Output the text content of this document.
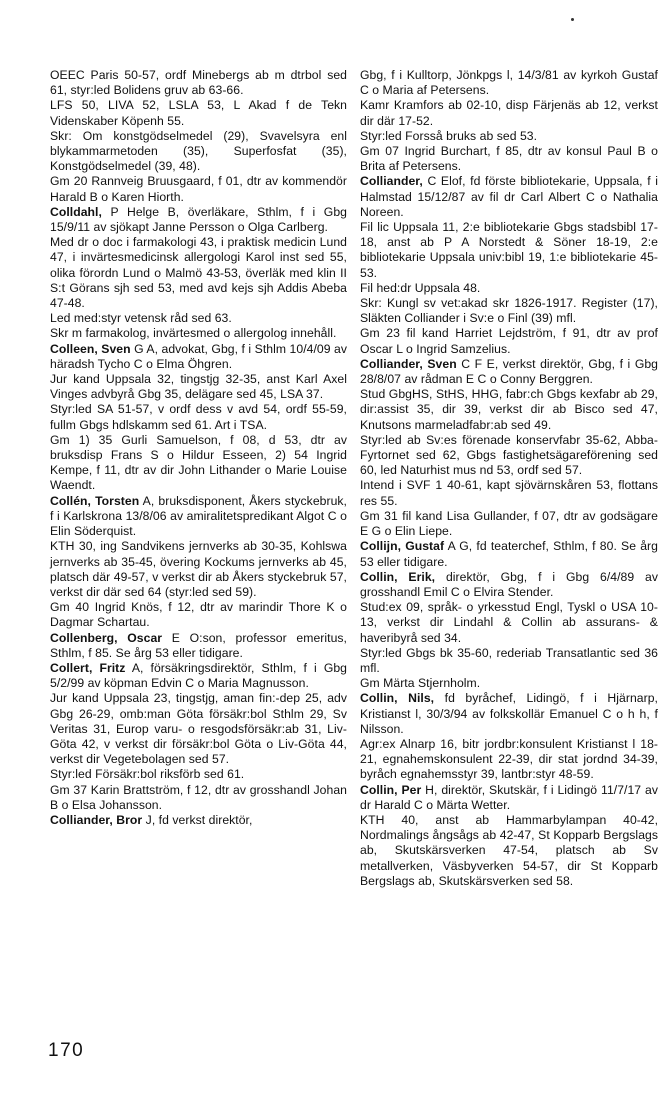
OEEC Paris 50-57, ordf Minebergs ab m dtrbol sed 61, styr:led Bolidens gruv ab 63-66.

LFS 50, LIVA 52, LSLA 53, L Akad f de Tekn Videnskaber Köpenh 55.

Skr: Om konstgödselmedel (29), Svavelsyra enl blykammarmetoden (35), Superfosfat (35), Konstgödselmedel (39, 48).

Gm 20 Rannveig Bruusgaard, f 01, dtr av kommendör Harald B o Karen Hiorth.

Colldahl, P Helge B, överläkare, Sthlm, f i Gbg 15/9/11 av sjökapt Janne Persson o Olga Carlberg.

Med dr o doc i farmakologi 43, i praktisk medicin Lund 47, i invärtesmedicinsk allergologi Karol inst sed 55, olika förordn Lund o Malmö 43-53, överläk med klin II S:t Görans sjh sed 53, med avd kejs sjh Addis Abeba 47-48.

Led med:styr vetensk råd sed 63.

Skr m farmakolog, invärtesmed o allergolog innehåll.

Colleen, Sven G A, advokat, Gbg, f i Sthlm 10/4/09 av häradsh Tycho C o Elma Öhgren.

Jur kand Uppsala 32, tingstjg 32-35, anst Karl Axel Vinges advbyrå Gbg 35, delägare sed 45, LSA 37.

Styr:led SA 51-57, v ordf dess v avd 54, ordf 55-59, fullm Gbgs hdlskamm sed 61. Art i TSA.

Gm 1) 35 Gurli Samuelson, f 08, d 53, dtr av bruksdisp Frans S o Hildur Esseen, 2) 54 Ingrid Kempe, f 11, dtr av dir John Lithander o Marie Louise Waendt.

Collén, Torsten A, bruksdisponent, Åkers styckebruk, f i Karlskrona 13/8/06 av amiralitetspredikant Algot C o Elin Söderquist.

KTH 30, ing Sandvikens jernverks ab 30-35, Kohlswa jernverks ab 35-45, övering Kockums jernverks ab 45, platsch där 49-57, v verkst dir ab Åkers styckebruk 57, verkst dir där sed 64 (styr:led sed 59).

Gm 40 Ingrid Knös, f 12, dtr av marindir Thore K o Dagmar Schartau.

Collenberg, Oscar E O:son, professor emeritus, Sthlm, f 85. Se årg 53 eller tidigare.

Collert, Fritz A, försäkringsdirektör, Sthlm, f i Gbg 5/2/99 av köpman Edvin C o Maria Magnusson.

Jur kand Uppsala 23, tingstjg, aman fin:-dep 25, adv Gbg 26-29, omb:man Göta försäkr:bol Sthlm 29, Sv Veritas 31, Europ varu- o resgodsförsäkr:ab 31, Liv-Göta 42, v verkst dir försäkr:bol Göta o Liv-Göta 44, verkst dir Vegetebolagen sed 57.

Styr:led Försäkr:bol riksförb sed 61.

Gm 37 Karin Brattström, f 12, dtr av grosshandl Johan B o Elsa Johansson.

Colliander, Bror J, fd verkst direktör,

Gbg, f i Kulltorp, Jönkpgs l, 14/3/81 av kyrkoh Gustaf C o Maria af Petersens.

Kamr Kramfors ab 02-10, disp Färjenäs ab 12, verkst dir där 17-52.

Styr:led Forsså bruks ab sed 53.

Gm 07 Ingrid Burchart, f 85, dtr av konsul Paul B o Brita af Petersens.

Colliander, C Elof, fd förste bibliotekarie, Uppsala, f i Halmstad 15/12/87 av fil dr Carl Albert C o Nathalia Noreen.

Fil lic Uppsala 11, 2:e bibliotekarie Gbgs stadsbibl 17-18, anst ab P A Norstedt & Söner 18-19, 2:e bibliotekarie Uppsala univ:bibl 19, 1:e bibliotekarie 45-53.

Fil hed:dr Uppsala 48.

Skr: Kungl sv vet:akad skr 1826-1917. Register (17), Släkten Colliander i Sv:e o Finl (39) mfl.

Gm 23 fil kand Harriet Lejdström, f 91, dtr av prof Oscar L o Ingrid Samzelius.

Colliander, Sven C F E, verkst direktör, Gbg, f i Gbg 28/8/07 av rådman E C o Conny Berggren.

Stud GbgHS, StHS, HHG, fabr:ch Gbgs kexfabr ab 29, dir:assist 35, dir 39, verkst dir ab Bisco sed 47, Knutsons marmeladfabr:ab sed 49.

Styr:led ab Sv:es förenade konservfabr 35-62, Abba-Fyrtornet sed 62, Gbgs fastighetsägareförening sed 60, led Naturhist mus nd 53, ordf sed 57.

Intend i SVF 1 40-61, kapt sjövärnskåren 53, flottans res 55.

Gm 31 fil kand Lisa Gullander, f 07, dtr av godsägare E G o Elin Liepe.

Collijn, Gustaf A G, fd teaterchef, Sthlm, f 80. Se årg 53 eller tidigare.

Collin, Erik, direktör, Gbg, f i Gbg 6/4/89 av grosshandl Emil C o Elvira Stender.

Stud:ex 09, språk- o yrkesstud Engl, Tyskl o USA 10-13, verkst dir Lindahl & Collin ab assurans- & haveribyrå sed 34.

Styr:led Gbgs bk 35-60, rederiab Transatlantic sed 36 mfl.

Gm Märta Stjernholm.

Collin, Nils, fd byråchef, Lidingö, f i Hjärnarp, Kristianst l, 30/3/94 av folkskollär Emanuel C o h h, f Nilsson.

Agr:ex Alnarp 16, bitr jordbr:konsulent Kristianst l 18-21, egnahemskonsulent 22-39, dir stat jordnd 34-39, byråch egnahemsstyr 39, lantbr:styr 48-59.

Collin, Per H, direktör, Skutskär, f i Lidingö 11/7/17 av dr Harald C o Märta Wetter.

KTH 40, anst ab Hammarbylampan 40-42, Nordmalings ångsågs ab 42-47, St Kopparb Bergslags ab, Skutskärsverken 47-54, platsch ab Sv metallverken, Väsbyverken 54-57, dir St Kopparb Bergslags ab, Skutskärsverken sed 58.

170
